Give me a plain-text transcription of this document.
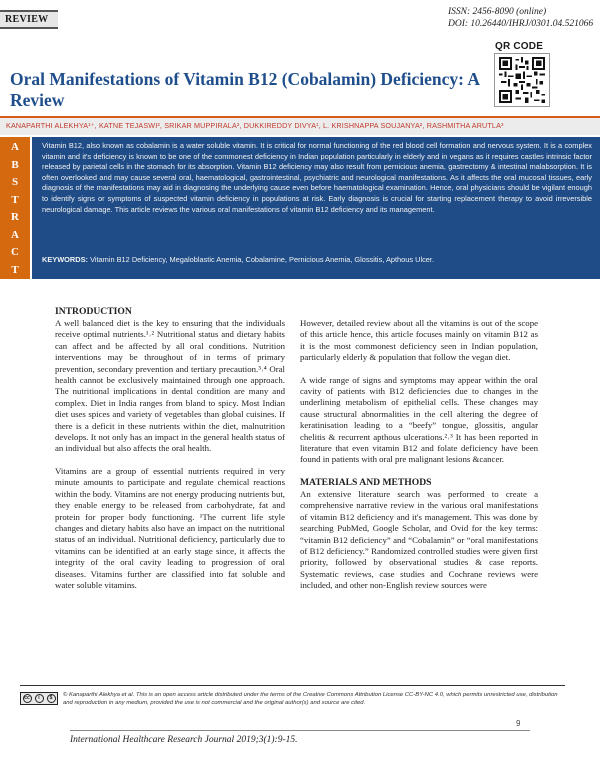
REVIEW
ISSN: 2456-8090 (online)
DOI: 10.26440/IHRJ/0301.04.521066
QR CODE
Oral Manifestations of Vitamin B12 (Cobalamin) Deficiency: A Review
KANAPARTHI ALEKHYA¹⁺, KATNE TEJASWI², SRIKAR MUPPIRALA³, DUKKIREDDY DIVYA¹, L. KRISHNAPPA SOUJANYA², RASHMITHA ARUTLA³
A
B
S
T
R
A
C
T

Vitamin B12, also known as cobalamin is a water soluble vitamin. It is critical for normal functioning of the red blood cell formation and nervous system. It is a complex vitamin and it's deficiency is known to be one of the commonest deficiency in Indian population particularly in elderly and in vegans as it requires castles intrinsic factor released by parietal cells in the stomach for its absorption. Vitamin B12 deficiency may also result from pernicious anemia, gastrectomy & intestinal malabsorption. It is often overlooked and may cause several oral, haematological, gastrointestinal, psychiatric and neurological manifestations. As it affects the oral mucosal tissues, early diagnosis of the manifestations may aid in diagnosing the underlying cause even before haematological examination. Hence, oral physicians should be vigilant enough to identify signs or symptoms of suspected vitamin deficiency in populations at risk. Early diagnosis is crucial for starting replacement therapy to avoid irreversible neurological damage. This article reviews the various oral manifestations of vitamin B12 deficiency and its management.

KEYWORDS: Vitamin B12 Deficiency, Megaloblastic Anemia, Cobalamine, Pernicious Anemia, Glossitis, Apthous Ulcer.
INTRODUCTION

A well balanced diet is the key to ensuring that the individuals receive optimal nutrients.¹˒² Nutritional status and dietary habits can affect and be affected by all oral conditions. Nutrition interventions may be throughout of in terms of primary prevention, secondary prevention and tertiary precaution.³˒⁴ Oral health cannot be exclusively maintained through one approach. The nutritional implications in dental condition are many and complex. Diet in India ranges from bland to spicy. Most Indian diet uses spices and variety of vegetables than global cuisines. If there is a deficit in these nutrients within the diet, malnutrition develops. It not only has an impact in the general health status of an individual but also affects the oral health.

Vitamins are a group of essential nutrients required in very minute amounts to participate and regulate chemical reactions within the body. Vitamins are not energy producing nutrients but, they enable energy to be released from carbohydrate, fat and protein for proper body functioning. ¹The current life style changes and dietary habits also have an impact on the nutritional status of an individual. Nutritional deficiency, particularly due to vitamins can be identified at an early stage since, it affects the integrity of the oral cavity leading to progression of oral diseases. Vitamins further are classified into fat soluble and water soluble vitamins.

However, detailed review about all the vitamins is out of the scope of this article hence, this article focuses mainly on vitamin B12 as it is the most commonest deficiency seen in Indian population, particularly elderly & population that follow the vegan diet.

A wide range of signs and symptoms may appear within the oral cavity of patients with B12 deficiencies due to changes in the underlining metabolism of epithelial cells. These changes may cause structural abnormalities in the cell altering the degree of keratinisation leading to a “beefy” tongue, glossitis, angular chelitis & recurrent apthous ulcerations.²˒³ It has been reported in literature that even vitamin B12 and folate deficiency have been found in patients with oral pre malignant lesions &cancer.

MATERIALS AND METHODS

An extensive literature search was performed to create a comprehensive narrative review in the various oral manifestations of vitamin B12 deficiency and it's management. This was done by searching PubMed, Google Scholar, and Ovid for the key terms: “vitamin B12 deficiency” and “Cobalamin” or “oral manifestations of B12 deficiency.” Randomized controlled studies were given first priority, followed by observational studies & case reports. Systematic reviews, case studies and Cochrane reviews were included, and other non-English review sources were

cc	i	$	© Kanaparthi Alekhya et al. This is an open access article distributed under the terms of the Creative Commons Attribution License CC-BY-NC 4.0, which permits unrestricted use, distribution and reproduction in any medium, provided the use is not commercial and the original author(s) and source are cited.
9
International Healthcare Research Journal 2019;3(1):9-15.
